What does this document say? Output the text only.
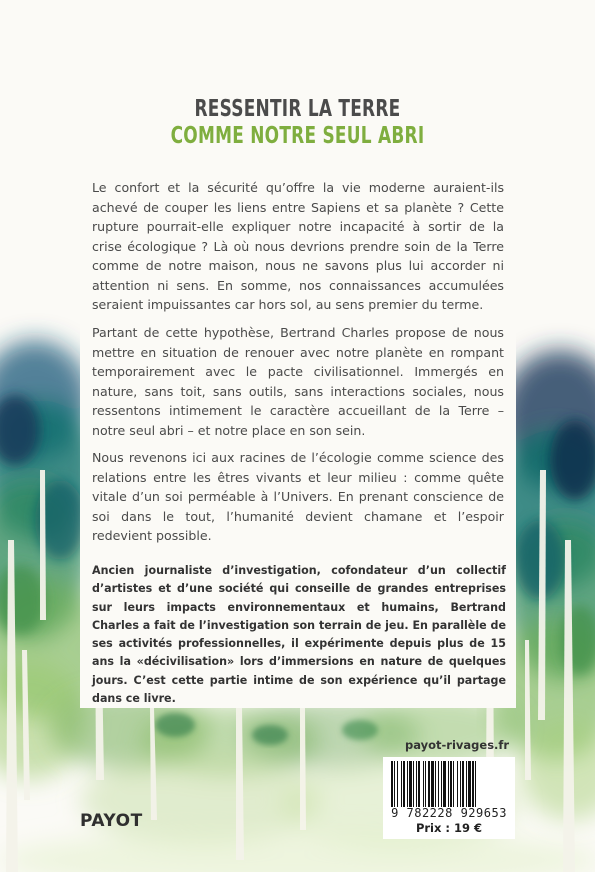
RESSENTIR LA TERRE
COMME NOTRE SEUL ABRI

Le confort et la sécurité qu’offre la vie moderne auraient-ils achevé de couper les liens entre Sapiens et sa planète ? Cette rupture pourrait-elle expliquer notre incapacité à sortir de la crise écologique ? Là où nous devrions prendre soin de la Terre comme de notre maison, nous ne savons plus lui accorder ni attention ni sens. En somme, nos connaissances accumulées seraient impuissantes car hors sol, au sens premier du terme.

Partant de cette hypothèse, Bertrand Charles propose de nous mettre en situation de renouer avec notre planète en rompant temporairement avec le pacte civilisationnel. Immergés en nature, sans toit, sans outils, sans interactions sociales, nous ressentons intimement le caractère accueillant de la Terre – notre seul abri – et notre place en son sein.

Nous revenons ici aux racines de l’écologie comme science des relations entre les êtres vivants et leur milieu : comme quête vitale d’un soi perméable à l’Univers. En prenant conscience de soi dans le tout, l’humanité devient chamane et l’espoir redevient possible.

Ancien journaliste d’investigation, cofondateur d’un collectif d’artistes et d’une société qui conseille de grandes entreprises sur leurs impacts environnementaux et humains, Bertrand Charles a fait de l’investigation son terrain de jeu. En parallèle de ses activités professionnelles, il expérimente depuis plus de 15 ans la «décivilisation» lors d’immersions en nature de quelques jours. C’est cette partie intime de son expérience qu’il partage dans ce livre.

payot-rivages.fr
9 782228 929653
Prix : 19 €
PAYOT
